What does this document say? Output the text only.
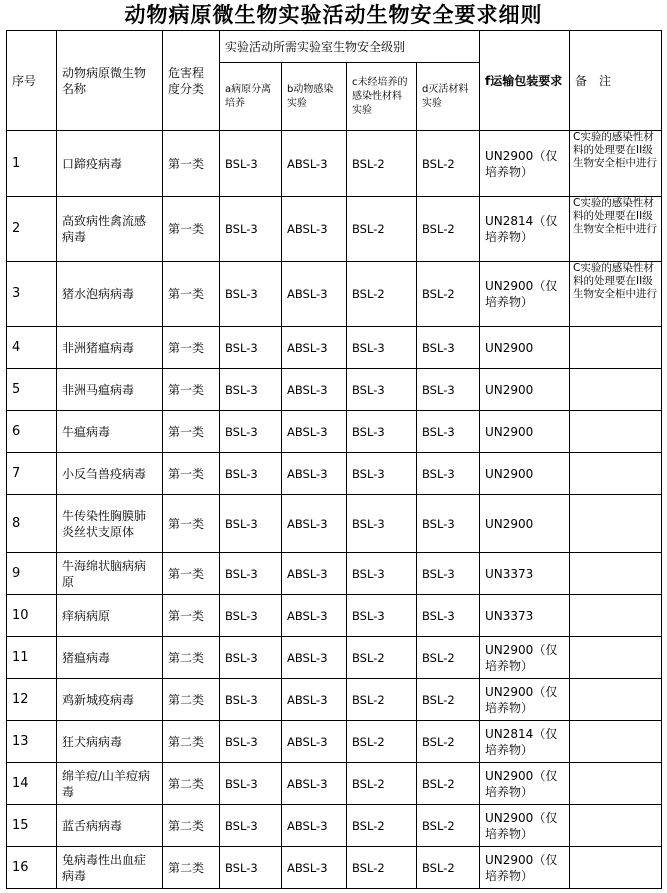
动物病原微生物实验活动生物安全要求细则
序号	动物病原微生物名称	危害程度分类	实验活动所需实验室生物安全级别				f运输包装要求	备　注
			a病原分离培养	b动物感染实验	c未经培养的感染性材料实验	d灭活材料实验		
1	口蹄疫病毒	第一类	BSL-3	ABSL-3	BSL-2	BSL-2	UN2900（仅培养物）	C实验的感染性材料的处理要在II级生物安全柜中进行
2	高致病性禽流感病毒	第一类	BSL-3	ABSL-3	BSL-2	BSL-2	UN2814（仅培养物）	C实验的感染性材料的处理要在II级生物安全柜中进行
3	猪水泡病病毒	第一类	BSL-3	ABSL-3	BSL-2	BSL-2	UN2900（仅培养物）	C实验的感染性材料的处理要在II级生物安全柜中进行
4	非洲猪瘟病毒	第一类	BSL-3	ABSL-3	BSL-3	BSL-3	UN2900	
5	非洲马瘟病毒	第一类	BSL-3	ABSL-3	BSL-3	BSL-3	UN2900	
6	牛瘟病毒	第一类	BSL-3	ABSL-3	BSL-3	BSL-3	UN2900	
7	小反刍兽疫病毒	第一类	BSL-3	ABSL-3	BSL-3	BSL-3	UN2900	
8	牛传染性胸膜肺炎丝状支原体	第一类	BSL-3	ABSL-3	BSL-3	BSL-3	UN2900	
9	牛海绵状脑病病原	第一类	BSL-3	ABSL-3	BSL-3	BSL-3	UN3373	
10	痒病病原	第一类	BSL-3	ABSL-3	BSL-3	BSL-3	UN3373	
11	猪瘟病毒	第二类	BSL-3	ABSL-3	BSL-2	BSL-2	UN2900（仅培养物）	
12	鸡新城疫病毒	第二类	BSL-3	ABSL-3	BSL-2	BSL-2	UN2900（仅培养物）	
13	狂犬病病毒	第二类	BSL-3	ABSL-3	BSL-2	BSL-2	UN2814（仅培养物）	
14	绵羊痘/山羊痘病毒	第二类	BSL-3	ABSL-3	BSL-2	BSL-2	UN2900（仅培养物）	
15	蓝舌病病毒	第二类	BSL-3	ABSL-3	BSL-2	BSL-2	UN2900（仅培养物）	
16	兔病毒性出血症病毒	第二类	BSL-3	ABSL-3	BSL-2	BSL-2	UN2900（仅培养物）	
